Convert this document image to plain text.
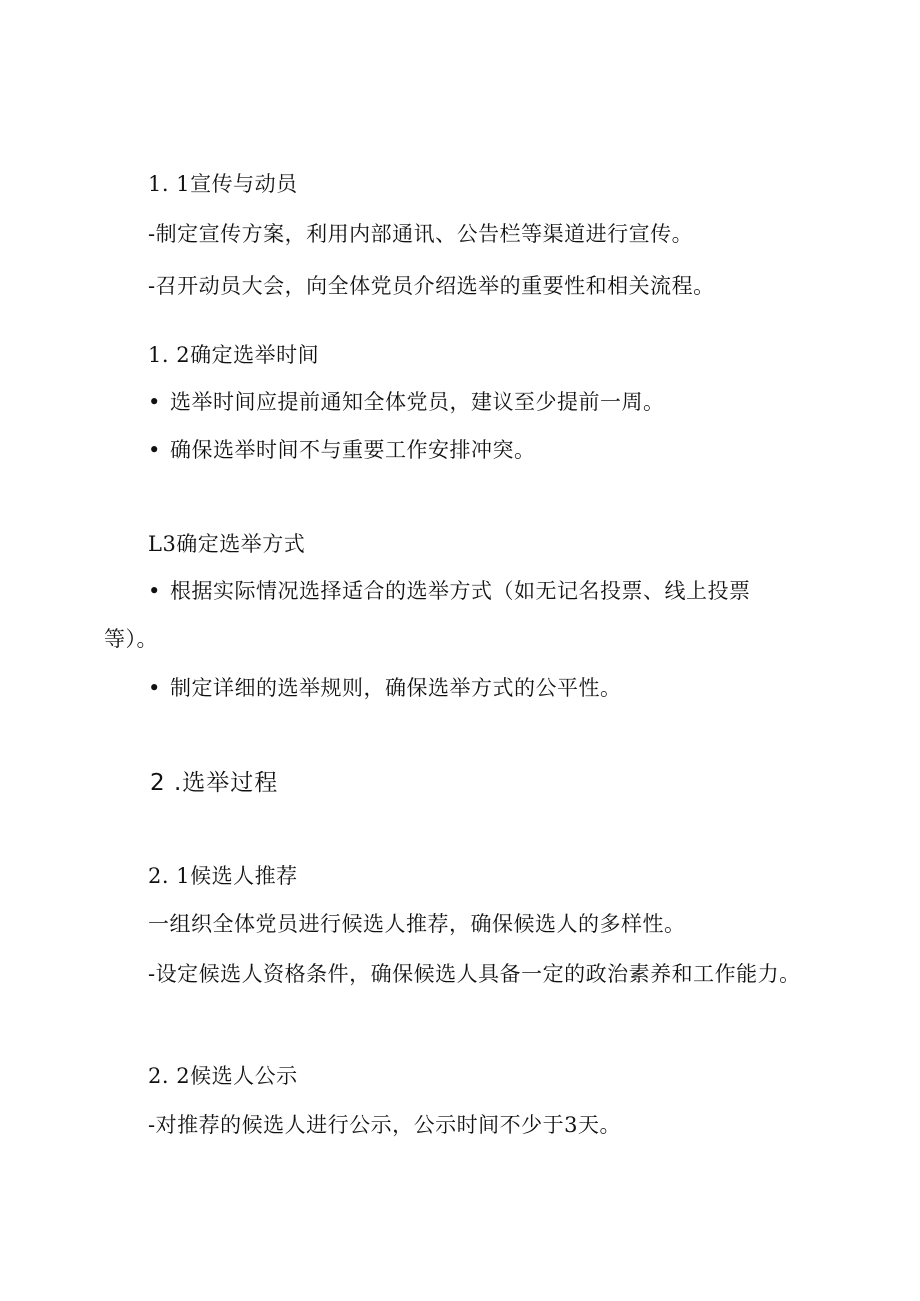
1. 1宣传与动员
-制定宣传方案，利用内部通讯、公告栏等渠道进行宣传。
-召开动员大会，向全体党员介绍选举的重要性和相关流程。
1. 2确定选举时间
• 选举时间应提前通知全体党员，建议至少提前一周。
• 确保选举时间不与重要工作安排冲突。
L3确定选举方式
• 根据实际情况选择适合的选举方式（如无记名投票、线上投票
等）。
• 制定详细的选举规则，确保选举方式的公平性。
2 .选举过程
2. 1候选人推荐
一组织全体党员进行候选人推荐，确保候选人的多样性。
-设定候选人资格条件，确保候选人具备一定的政治素养和工作能力。
2. 2候选人公示
-对推荐的候选人进行公示，公示时间不少于3天。
